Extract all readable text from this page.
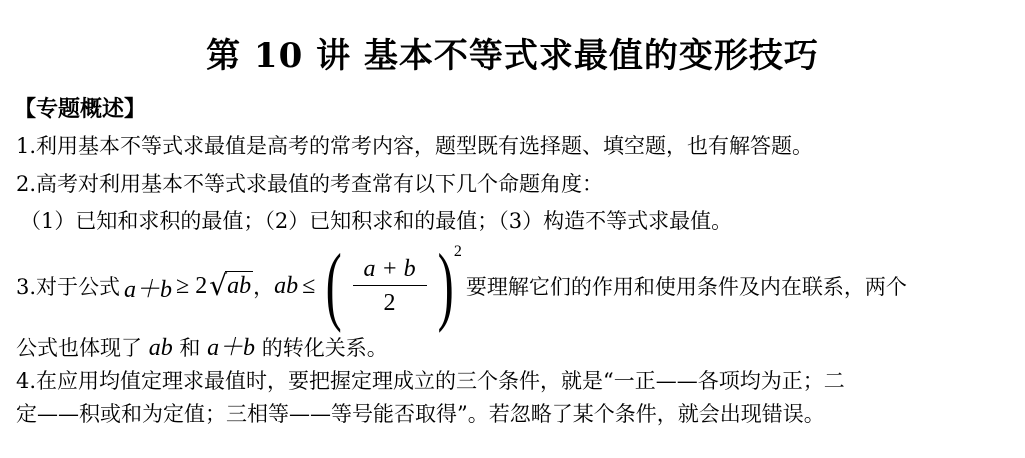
第 10 讲 基本不等式求最值的变形技巧
【专题概述】
1.利用基本不等式求最值是高考的常考内容，题型既有选择题、填空题，也有解答题。
2.高考对利用基本不等式求最值的考查常有以下几个命题角度：
（1）已知和求积的最值；（2）已知积求和的最值；（3）构造不等式求最值。
3.对于公式 a＋b ≥ 2 √ ab ， ab ≤ ( $\frac{a + b}{2}$ ) 2
要理解它们的作用和使用条件及内在联系，两个
公式也体现了 ab 和 a＋b 的转化关系。
4.在应用均值定理求最值时，要把握定理成立的三个条件，就是“一正——各项均为正；二
定——积或和为定值；三相等——等号能否取得”。若忽略了某个条件，就会出现错误。
